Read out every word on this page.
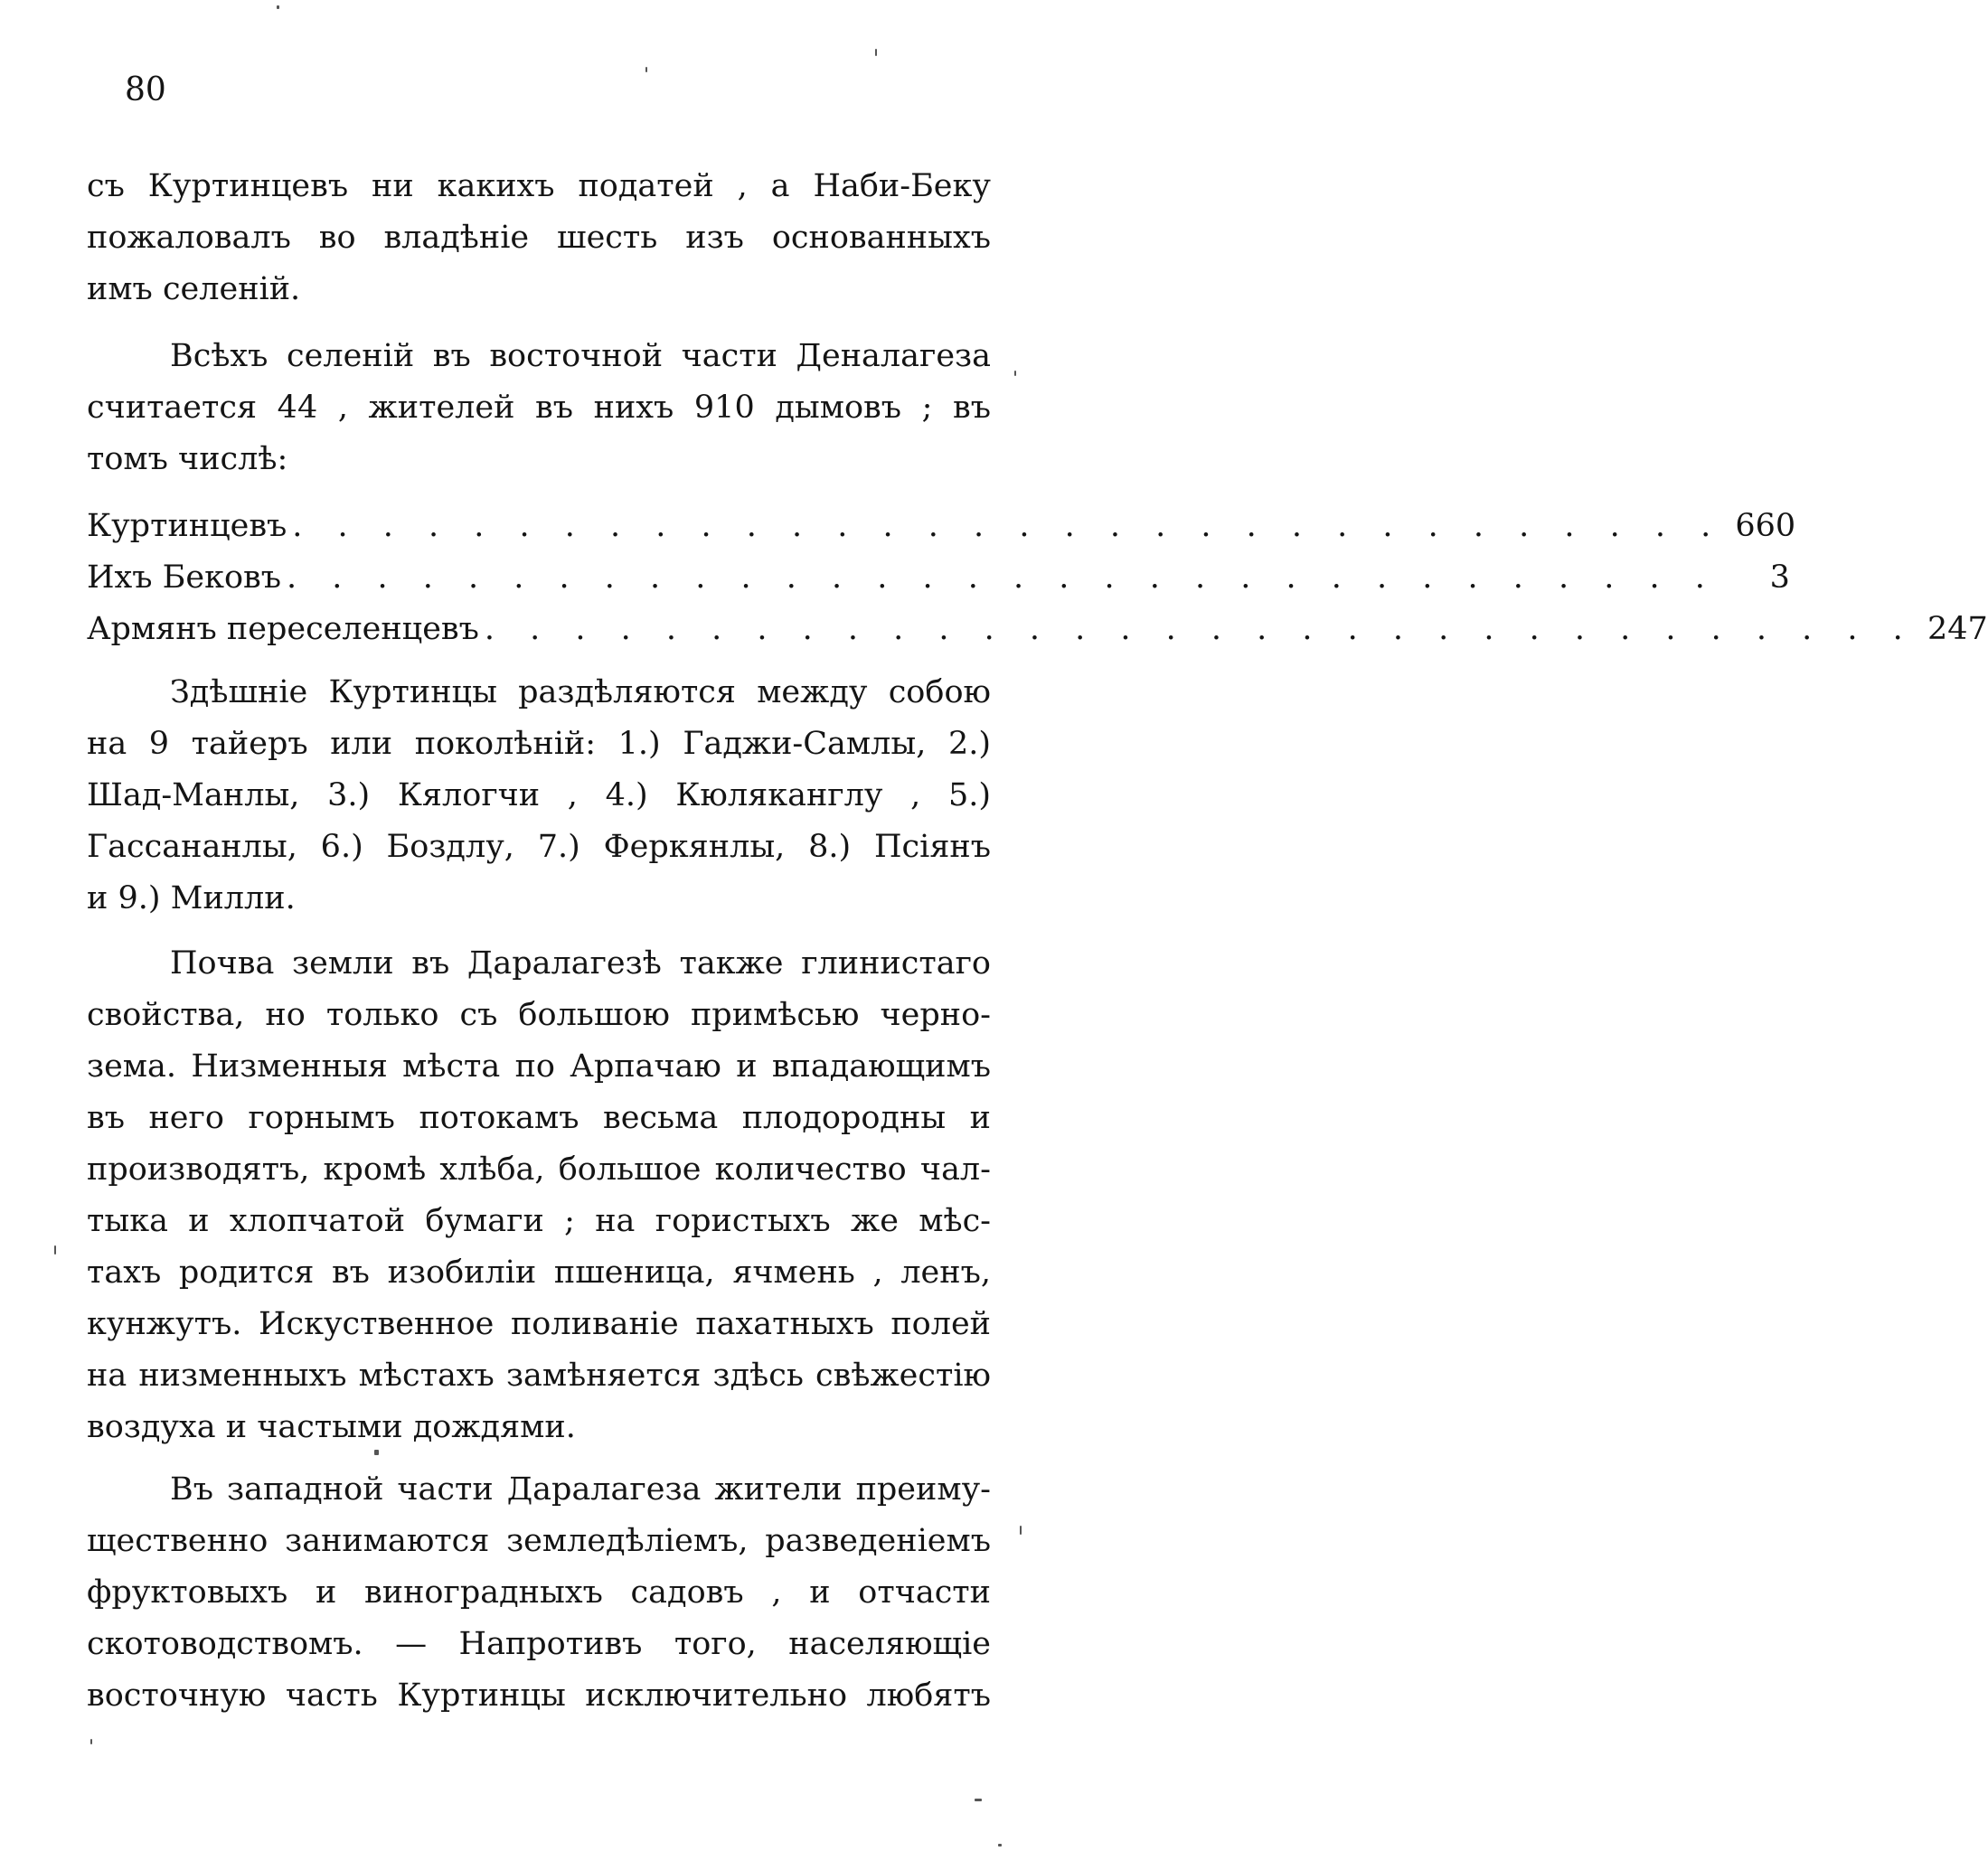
80
съ Куртинцевъ ни какихъ податей , а Наби-Беку
пожаловалъ во владѣніе шесть изъ основанныхъ
имъ селеній.
Всѣхъ селеній въ восточной части Деналагеза
считается 44 , жителей въ нихъ 910 дымовъ ; въ
томъ числѣ:
Куртинцевъ . . . . . . . . . . . . . . . . . . . . . . . . . . . . . . . . 660
Ихъ Бековъ . . . . . . . . . . . . . . . . . . . . . . . . . . . . . . . .	3
Армянъ переселенцевъ . . . . . . . . . . . . . . . . . . . . . . . . . . . . . . . . 247
Здѣшніе Куртинцы раздѣляются между собою
на 9 тайеръ или поколѣній: 1.) Гаджи-Самлы, 2.)
Шад-Манлы, 3.) Кялогчи , 4.) Кюляканглу , 5.)
Гассананлы, 6.) Боздлу, 7.) Феркянлы, 8.) Псіянъ
и 9.) Милли.
Почва земли въ Даралагезѣ также глинистаго
свойства, но только съ большою примѣсью черно-
зема. Низменныя мѣста по Арпачаю и впадающимъ
въ него горнымъ потокамъ весьма плодородны и
производятъ, кромѣ хлѣба, большое количество чал-
тыка и хлопчатой бумаги ; на гористыхъ же мѣс-
тахъ родится въ изобиліи пшеница, ячмень , ленъ,
кунжутъ. Искуственное поливаніе пахатныхъ полей
на низменныхъ мѣстахъ замѣняется здѣсь свѣжестію
воздуха и частыми дождями.
Въ западной части Даралагеза жители преиму-
щественно занимаются земледѣліемъ, разведеніемъ
фруктовыхъ и виноградныхъ садовъ , и отчасти
скотоводствомъ. — Напротивъ того, населяющіе
восточную часть Куртинцы исключительно любятъ
